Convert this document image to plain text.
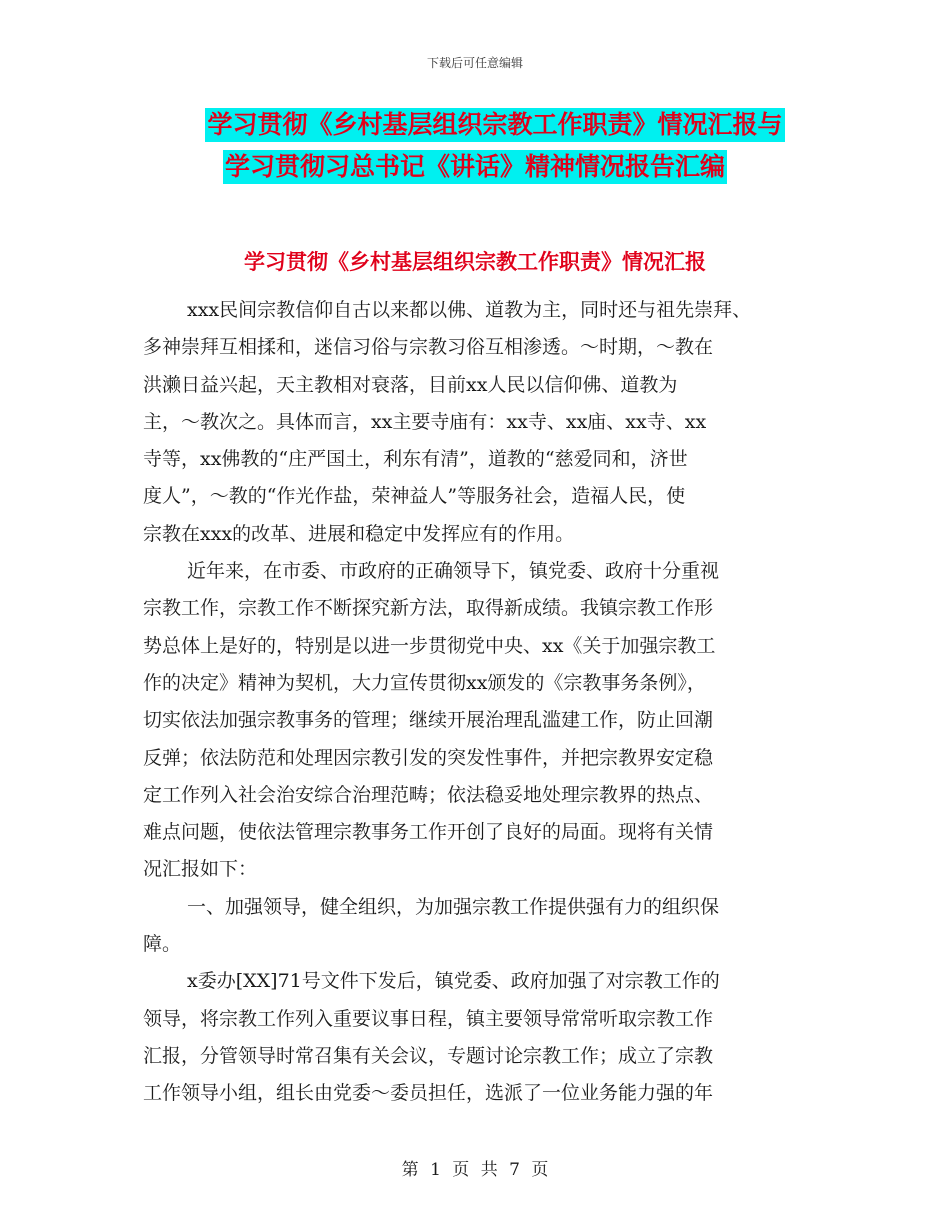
下载后可任意编辑
学习贯彻《乡村基层组织宗教工作职责》情况汇报与
学习贯彻习总书记《讲话》精神情况报告汇编
学习贯彻《乡村基层组织宗教工作职责》情况汇报
xxx民间宗教信仰自古以来都以佛、道教为主，同时还与祖先崇拜、
多神崇拜互相揉和，迷信习俗与宗教习俗互相渗透。～时期，～教在
洪濑日益兴起，天主教相对衰落，目前xx人民以信仰佛、道教为
主，～教次之。具体而言，xx主要寺庙有：xx寺、xx庙、xx寺、xx
寺等，xx佛教的“庄严国土，利东有清”，道教的“慈爱同和，济世
度人”，～教的“作光作盐，荣神益人”等服务社会，造福人民，使
宗教在xxx的改革、进展和稳定中发挥应有的作用。
近年来，在市委、市政府的正确领导下，镇党委、政府十分重视
宗教工作，宗教工作不断探究新方法，取得新成绩。我镇宗教工作形
势总体上是好的，特别是以进一步贯彻党中央、xx《关于加强宗教工
作的决定》精神为契机，大力宣传贯彻xx颁发的《宗教事务条例》，
切实依法加强宗教事务的管理；继续开展治理乱滥建工作，防止回潮
反弹；依法防范和处理因宗教引发的突发性事件，并把宗教界安定稳
定工作列入社会治安综合治理范畴；依法稳妥地处理宗教界的热点、
难点问题，使依法管理宗教事务工作开创了良好的局面。现将有关情
况汇报如下：
一、加强领导，健全组织，为加强宗教工作提供强有力的组织保
障。
x委办[XX]71号文件下发后，镇党委、政府加强了对宗教工作的
领导，将宗教工作列入重要议事日程，镇主要领导常常听取宗教工作
汇报，分管领导时常召集有关会议，专题讨论宗教工作；成立了宗教
工作领导小组，组长由党委～委员担任，选派了一位业务能力强的年
第 1 页 共 7 页
